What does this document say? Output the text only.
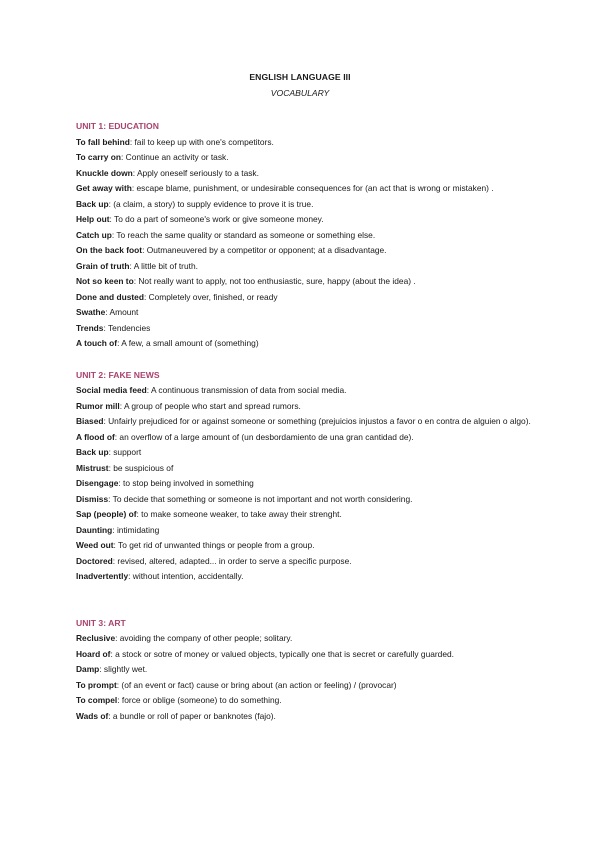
ENGLISH LANGUAGE III
VOCABULARY
UNIT 1: EDUCATION

To fall behind: fail to keep up with one's competitors.

To carry on: Continue an activity or task.

Knuckle down: Apply oneself seriously to a task.

Get away with: escape blame, punishment, or undesirable consequences for (an act that is wrong or mistaken) .

Back up: (a claim, a story) to supply evidence to prove it is true.

Help out: To do a part of someone's work or give someone money.

Catch up: To reach the same quality or standard as someone or something else.

On the back foot: Outmaneuvered by a competitor or opponent; at a disadvantage.

Grain of truth: A little bit of truth.

Not so keen to: Not really want to apply, not too enthusiastic, sure, happy (about the idea) .

Done and dusted: Completely over, finished, or ready

Swathe: Amount

Trends: Tendencies

A touch of: A few, a small amount of (something)

UNIT 2: FAKE NEWS

Social media feed: A continuous transmission of data from social media.

Rumor mill: A group of people who start and spread rumors.

Biased: Unfairly prejudiced for or against someone or something (prejuicios injustos a favor o en contra de alguien o algo).

A flood of: an overflow of a large amount of (un desbordamiento de una gran cantidad de).

Back up: support

Mistrust: be suspicious of

Disengage: to stop being involved in something

Dismiss: To decide that something or someone is not important and not worth considering.

Sap (people) of: to make someone weaker, to take away their strenght.

Daunting: intimidating

Weed out: To get rid of unwanted things or people from a group.

Doctored: revised, altered, adapted... in order to serve a specific purpose.

Inadvertently: without intention, accidentally.

UNIT 3: ART

Reclusive: avoiding the company of other people; solitary.

Hoard of: a stock or sotre of money or valued objects, typically one that is secret or carefully guarded.

Damp: slightly wet.

To prompt: (of an event or fact) cause or bring about (an action or feeling) / (provocar)

To compel: force or oblige (someone) to do something.

Wads of: a bundle or roll of paper or banknotes (fajo).
